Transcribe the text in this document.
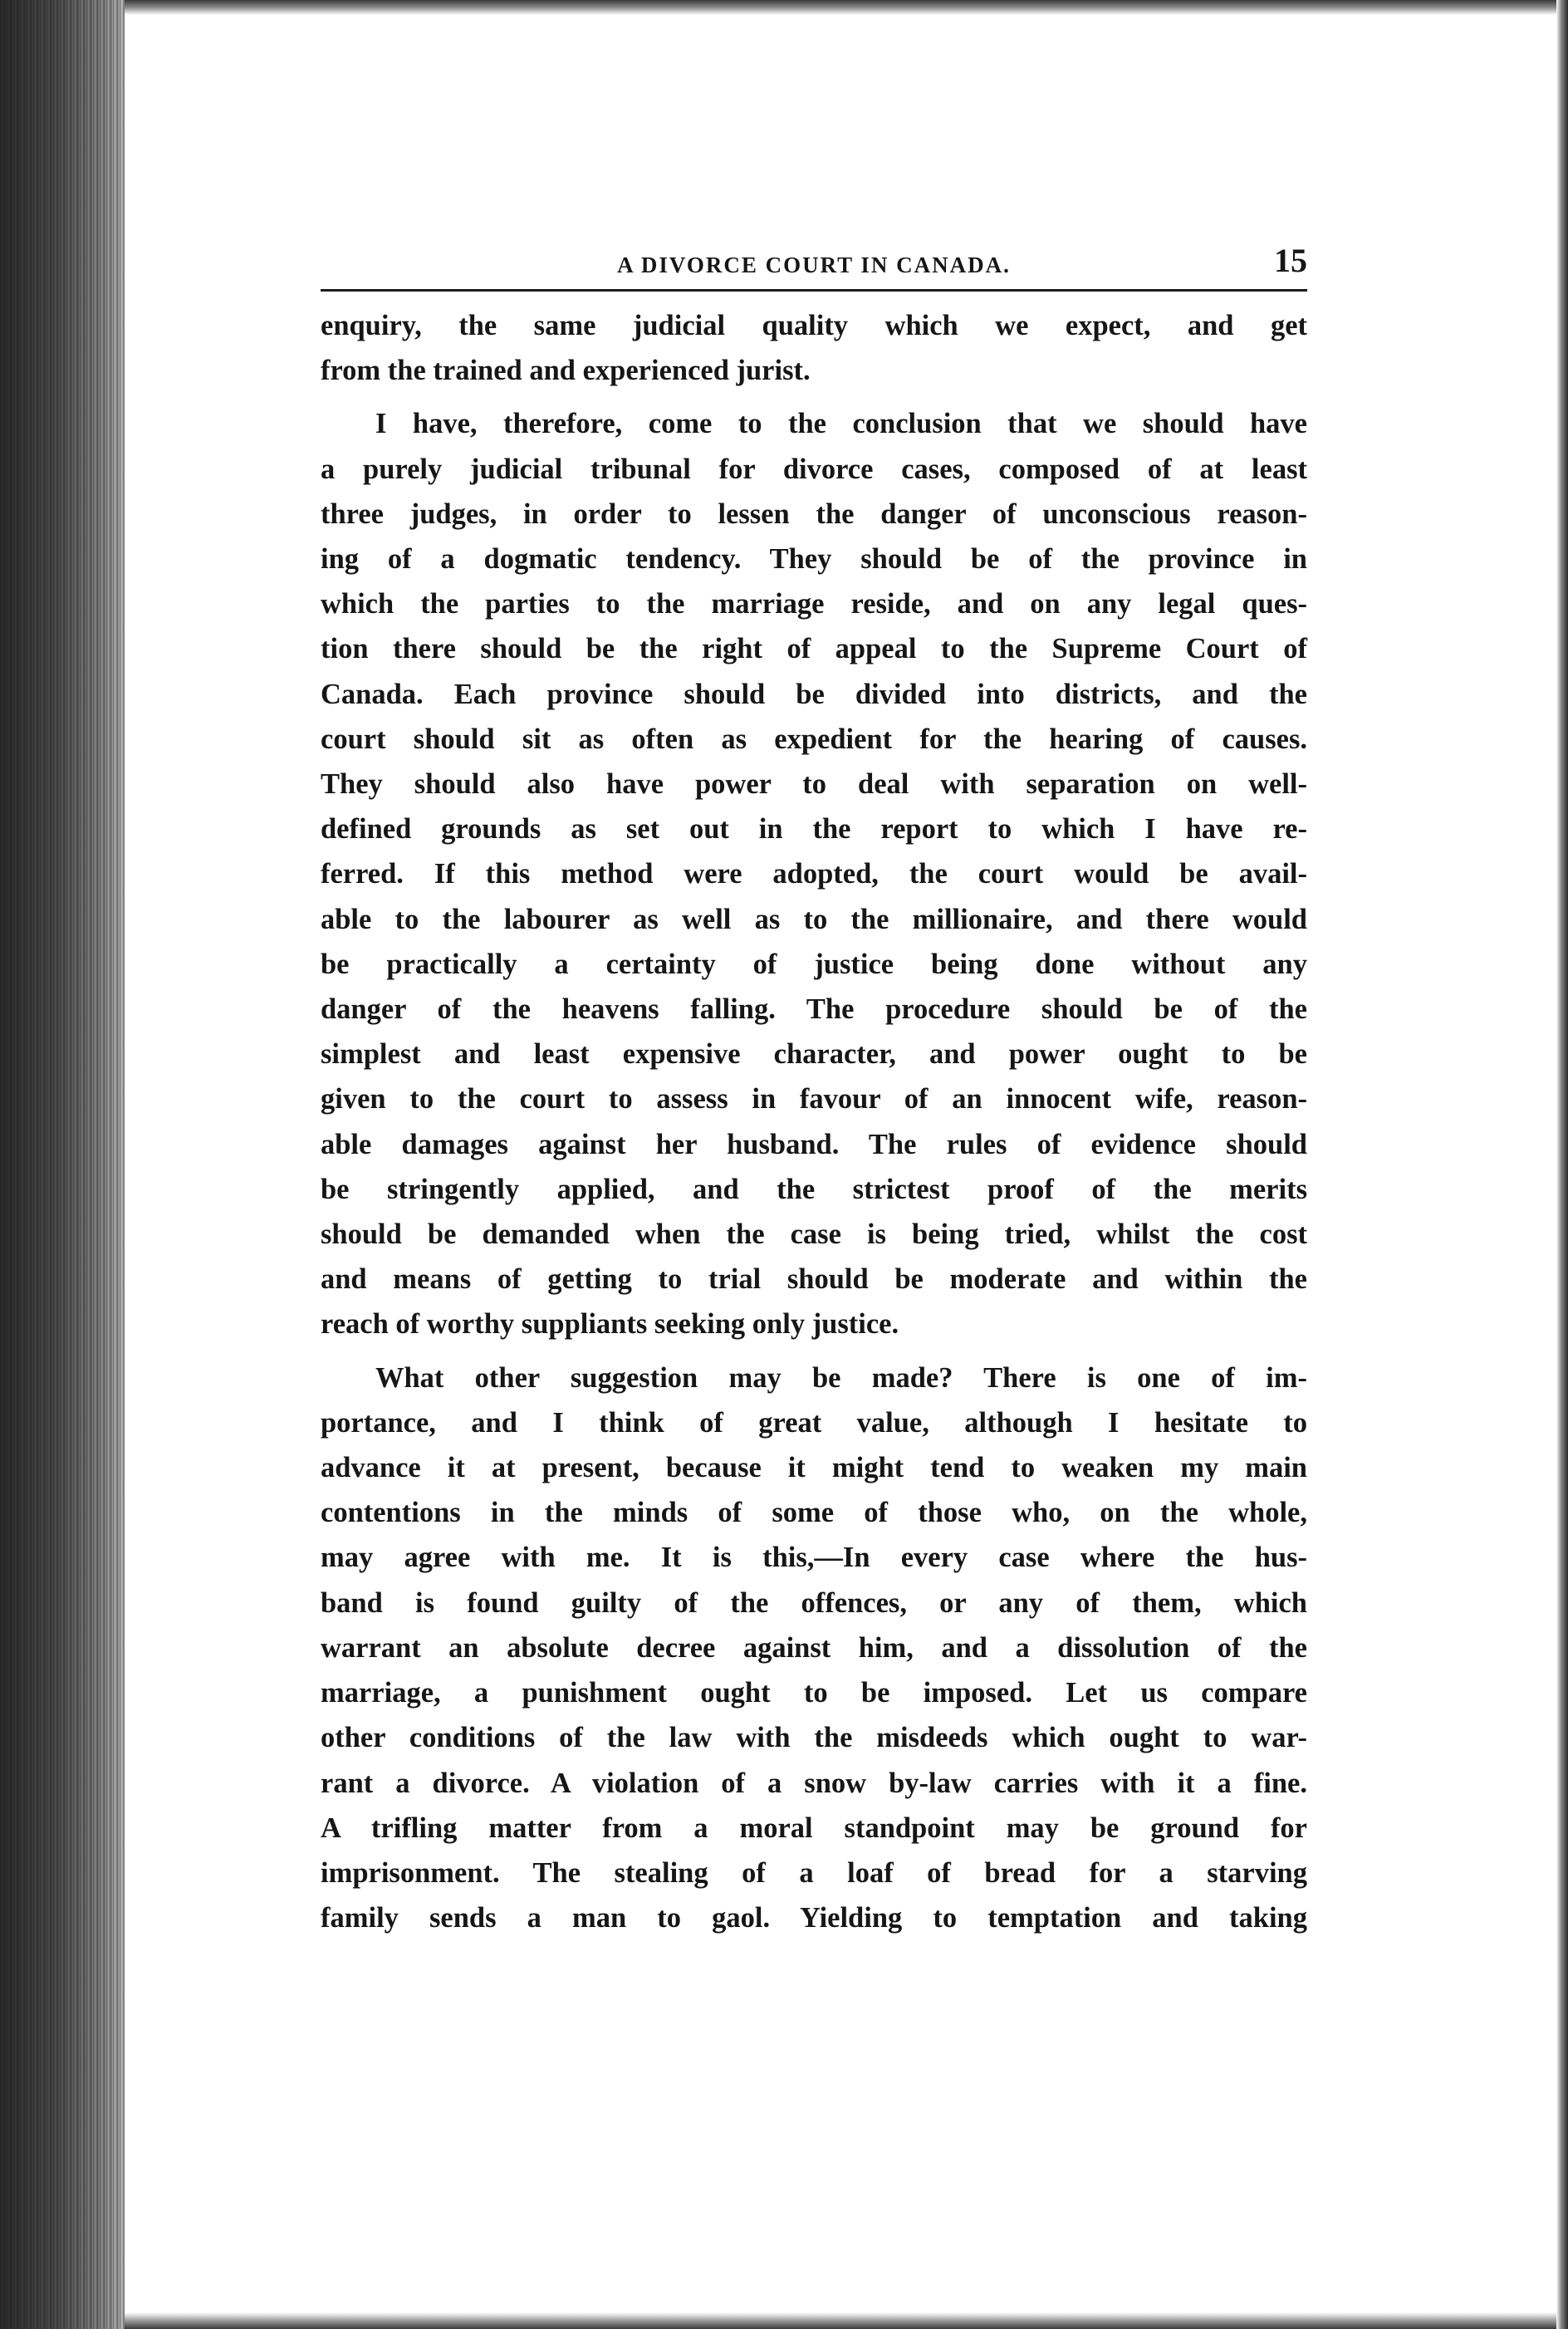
A DIVORCE COURT IN CANADA.	15

enquiry, the same judicial quality which we expect, and get
from the trained and experienced jurist.

I have, therefore, come to the conclusion that we should have
a purely judicial tribunal for divorce cases, composed of at least
three judges, in order to lessen the danger of unconscious reason-
ing of a dogmatic tendency. They should be of the province in
which the parties to the marriage reside, and on any legal ques-
tion there should be the right of appeal to the Supreme Court of
Canada. Each province should be divided into districts, and the
court should sit as often as expedient for the hearing of causes.
They should also have power to deal with separation on well-
defined grounds as set out in the report to which I have re-
ferred. If this method were adopted, the court would be avail-
able to the labourer as well as to the millionaire, and there would
be practically a certainty of justice being done without any
danger of the heavens falling. The procedure should be of the
simplest and least expensive character, and power ought to be
given to the court to assess in favour of an innocent wife, reason-
able damages against her husband. The rules of evidence should
be stringently applied, and the strictest proof of the merits
should be demanded when the case is being tried, whilst the cost
and means of getting to trial should be moderate and within the
reach of worthy suppliants seeking only justice.

What other suggestion may be made? There is one of im-
portance, and I think of great value, although I hesitate to
advance it at present, because it might tend to weaken my main
contentions in the minds of some of those who, on the whole,
may agree with me. It is this,—In every case where the hus-
band is found guilty of the offences, or any of them, which
warrant an absolute decree against him, and a dissolution of the
marriage, a punishment ought to be imposed. Let us compare
other conditions of the law with the misdeeds which ought to war-
rant a divorce. A violation of a snow by-law carries with it a fine.
A trifling matter from a moral standpoint may be ground for
imprisonment. The stealing of a loaf of bread for a starving
family sends a man to gaol. Yielding to temptation and taking
